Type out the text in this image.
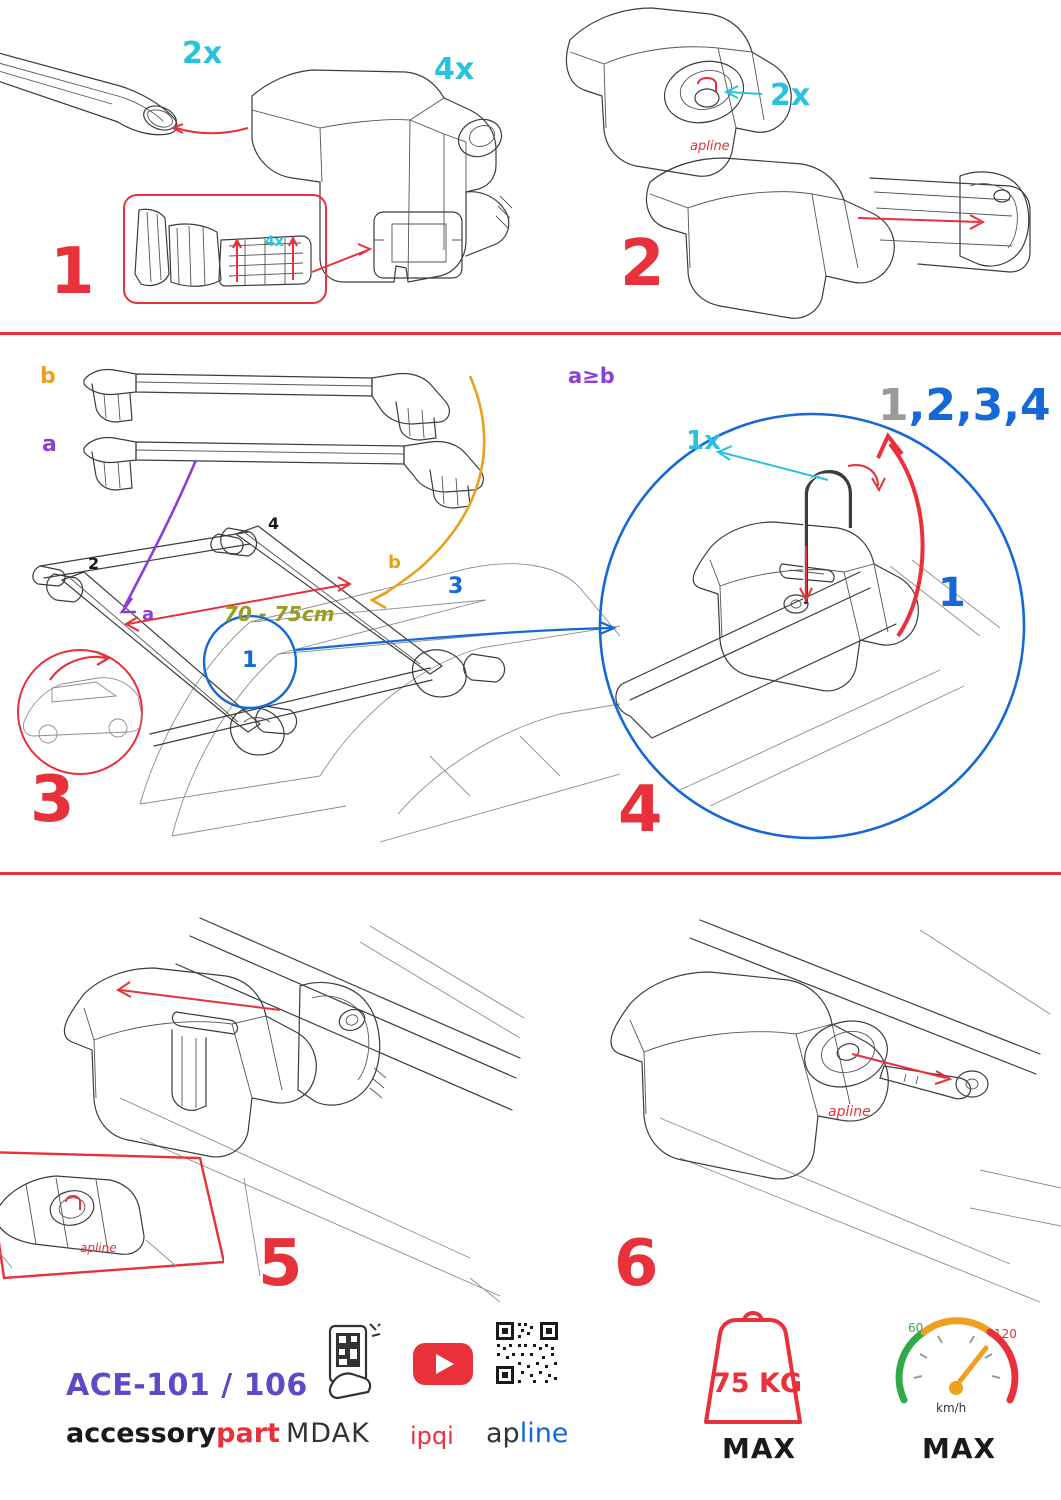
2x	4x
4x
1
apline
2x
2
b
a
a
b
70 - 75cm
1
2
3
4
3
a≥b
1x
1
1,2,3,4
4
apline 5
apline
6
ACE-101 / 106
accessorypart MDAK ipqi apline
75 KG
MAX
60	120
km/h
MAX
